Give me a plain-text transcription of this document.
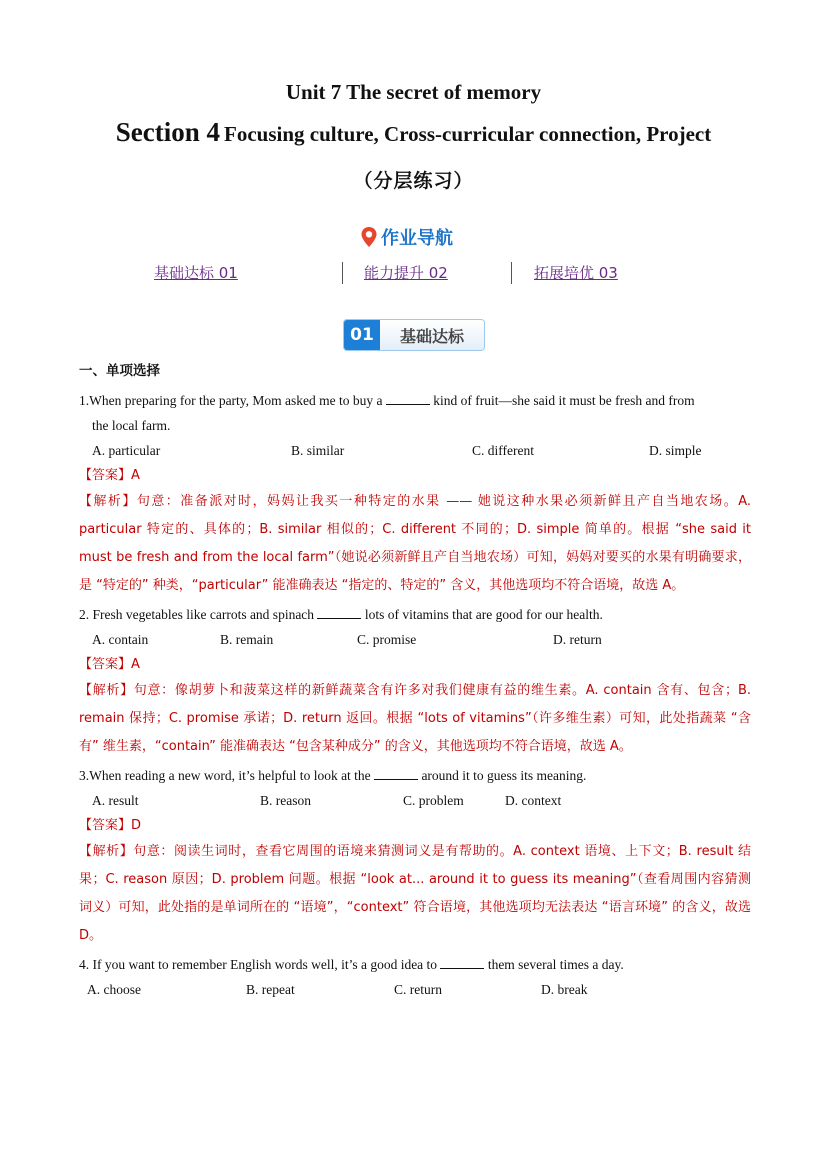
Unit 7 The secret of memory
Section 4 Focusing culture, Cross-curricular connection, Project
（分层练习）
作业导航
基础达标 01	能力提升 02	拓展培优 03
01	基础达标
一、单项选择
1.When preparing for the party, Mom asked me to buy a	kind of fruit—she said it must be fresh and from
the local farm.
A. particular	B. similar	C. different	D. simple
【答案】A
【解析】句意：准备派对时，妈妈让我买一种特定的水果 —— 她说这种水果必须新鲜且产自当地农场。A. particular 特定的、具体的；B. similar 相似的；C. different 不同的；D. simple 简单的。根据 “she said it must be fresh and from the local farm”（她说必须新鲜且产自当地农场）可知，妈妈对要买的水果有明确要求，是 “特定的” 种类，“particular” 能准确表达 “指定的、特定的” 含义，其他选项均不符合语境，故选 A。
2. Fresh vegetables like carrots and spinach	lots of vitamins that are good for our health.
A. contain	B. remain	C. promise	D. return
【答案】A
【解析】句意：像胡萝卜和菠菜这样的新鲜蔬菜含有许多对我们健康有益的维生素。A. contain 含有、包含；B. remain 保持；C. promise 承诺；D. return 返回。根据 “lots of vitamins”（许多维生素）可知，此处指蔬菜 “含有” 维生素，“contain” 能准确表达 “包含某种成分” 的含义，其他选项均不符合语境，故选 A。
3.When reading a new word, it’s helpful to look at the	around it to guess its meaning.
A. result	B. reason	C. problem	D. context
【答案】D
【解析】句意：阅读生词时，查看它周围的语境来猜测词义是有帮助的。A. context 语境、上下文；B. result 结果；C. reason 原因；D. problem 问题。根据 “look at... around it to guess its meaning”（查看周围内容猜测词义）可知，此处指的是单词所在的 “语境”，“context” 符合语境，其他选项均无法表达 “语言环境” 的含义，故选 D。
4. If you want to remember English words well, it’s a good idea to	them several times a day.
A. choose	B. repeat	C. return	D. break
